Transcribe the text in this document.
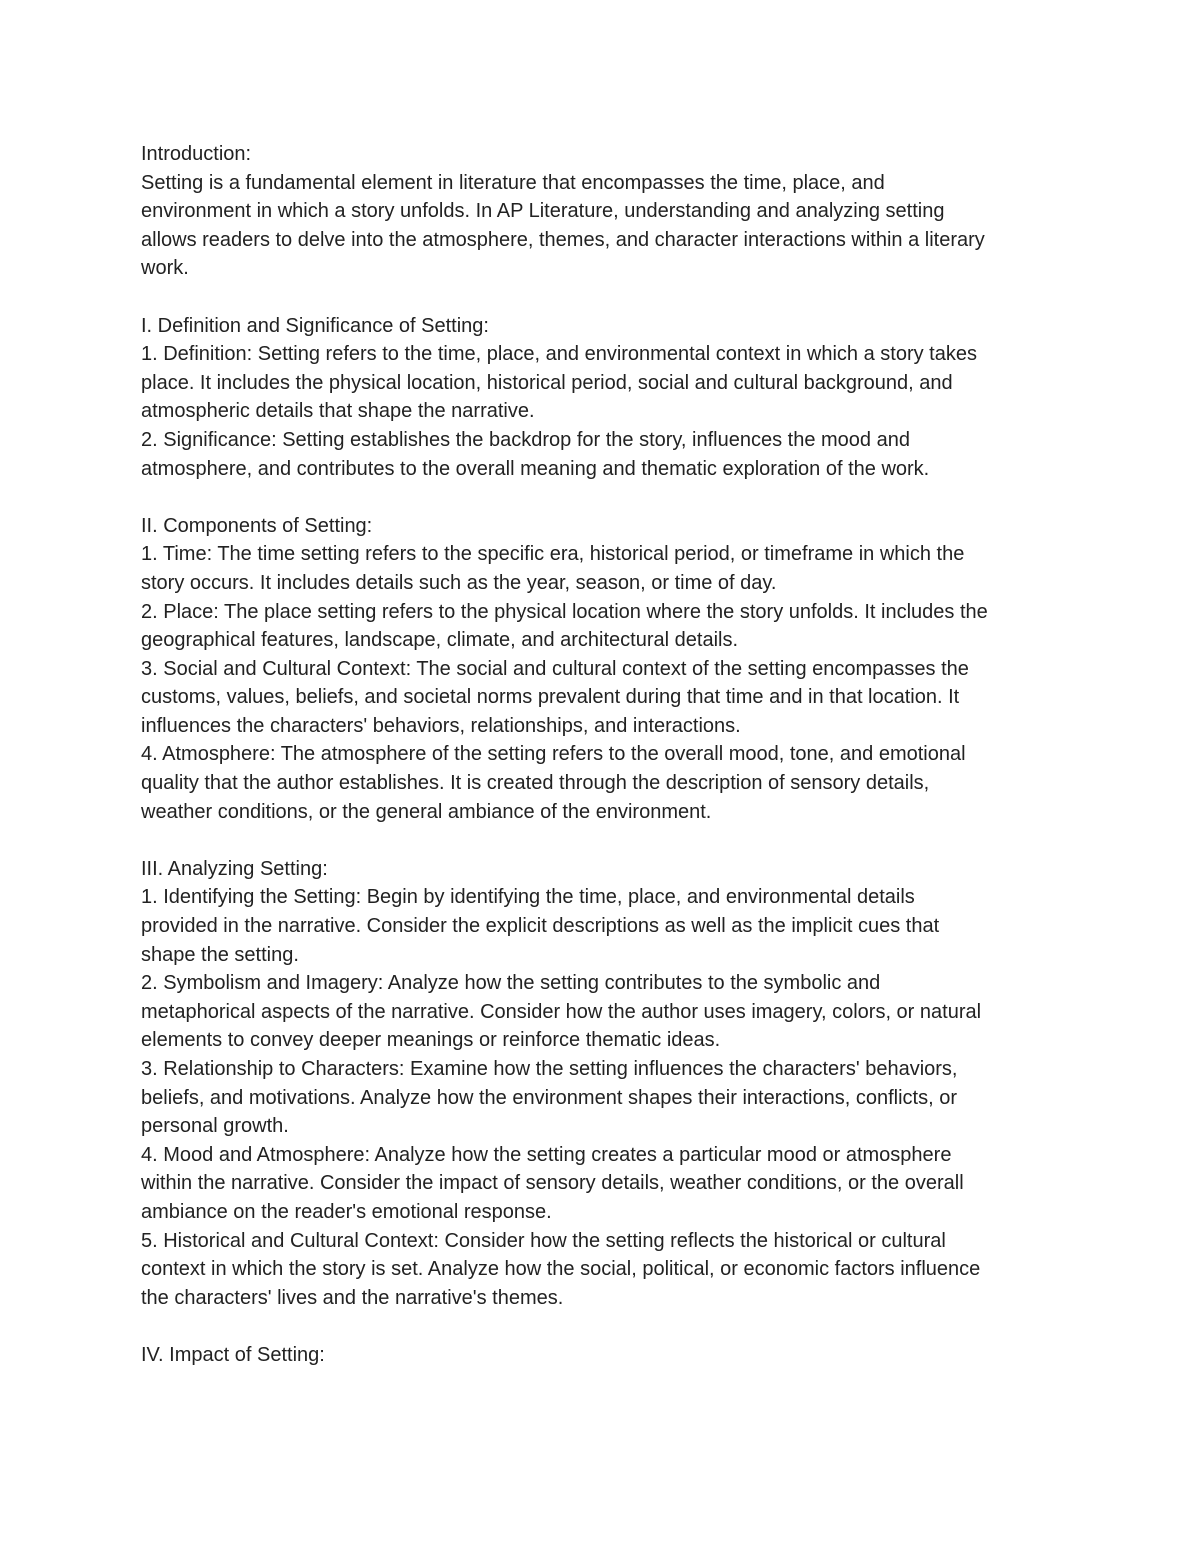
Introduction:
Setting is a fundamental element in literature that encompasses the time, place, and
environment in which a story unfolds. In AP Literature, understanding and analyzing setting
allows readers to delve into the atmosphere, themes, and character interactions within a literary
work.
I. Definition and Significance of Setting:
1. Definition: Setting refers to the time, place, and environmental context in which a story takes
place. It includes the physical location, historical period, social and cultural background, and
atmospheric details that shape the narrative.
2. Significance: Setting establishes the backdrop for the story, influences the mood and
atmosphere, and contributes to the overall meaning and thematic exploration of the work.
II. Components of Setting:
1. Time: The time setting refers to the specific era, historical period, or timeframe in which the
story occurs. It includes details such as the year, season, or time of day.
2. Place: The place setting refers to the physical location where the story unfolds. It includes the
geographical features, landscape, climate, and architectural details.
3. Social and Cultural Context: The social and cultural context of the setting encompasses the
customs, values, beliefs, and societal norms prevalent during that time and in that location. It
influences the characters' behaviors, relationships, and interactions.
4. Atmosphere: The atmosphere of the setting refers to the overall mood, tone, and emotional
quality that the author establishes. It is created through the description of sensory details,
weather conditions, or the general ambiance of the environment.
III. Analyzing Setting:
1. Identifying the Setting: Begin by identifying the time, place, and environmental details
provided in the narrative. Consider the explicit descriptions as well as the implicit cues that
shape the setting.
2. Symbolism and Imagery: Analyze how the setting contributes to the symbolic and
metaphorical aspects of the narrative. Consider how the author uses imagery, colors, or natural
elements to convey deeper meanings or reinforce thematic ideas.
3. Relationship to Characters: Examine how the setting influences the characters' behaviors,
beliefs, and motivations. Analyze how the environment shapes their interactions, conflicts, or
personal growth.
4. Mood and Atmosphere: Analyze how the setting creates a particular mood or atmosphere
within the narrative. Consider the impact of sensory details, weather conditions, or the overall
ambiance on the reader's emotional response.
5. Historical and Cultural Context: Consider how the setting reflects the historical or cultural
context in which the story is set. Analyze how the social, political, or economic factors influence
the characters' lives and the narrative's themes.
IV. Impact of Setting:
